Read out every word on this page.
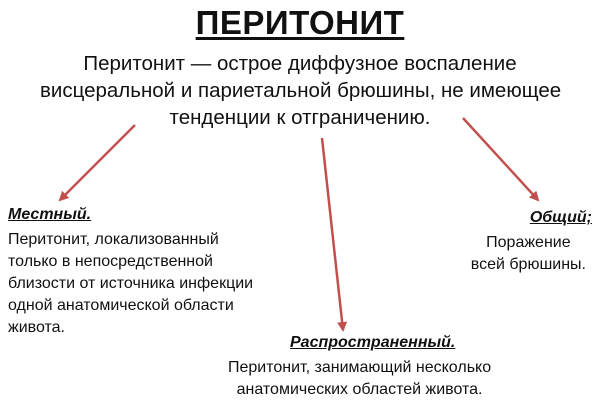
ПЕРИТОНИТ
Перитонит — острое диффузное воспаление
висцеральной и париетальной брюшины, не имеющее
тенденции к отграничению.
Местный.
Перитонит, локализованный
только в непосредственной
близости от источника инфекции
одной анатомической области
живота.
Общий;
Поражение
всей брюшины.
Распространенный.
Перитонит, занимающий несколько
анатомических областей живота.
